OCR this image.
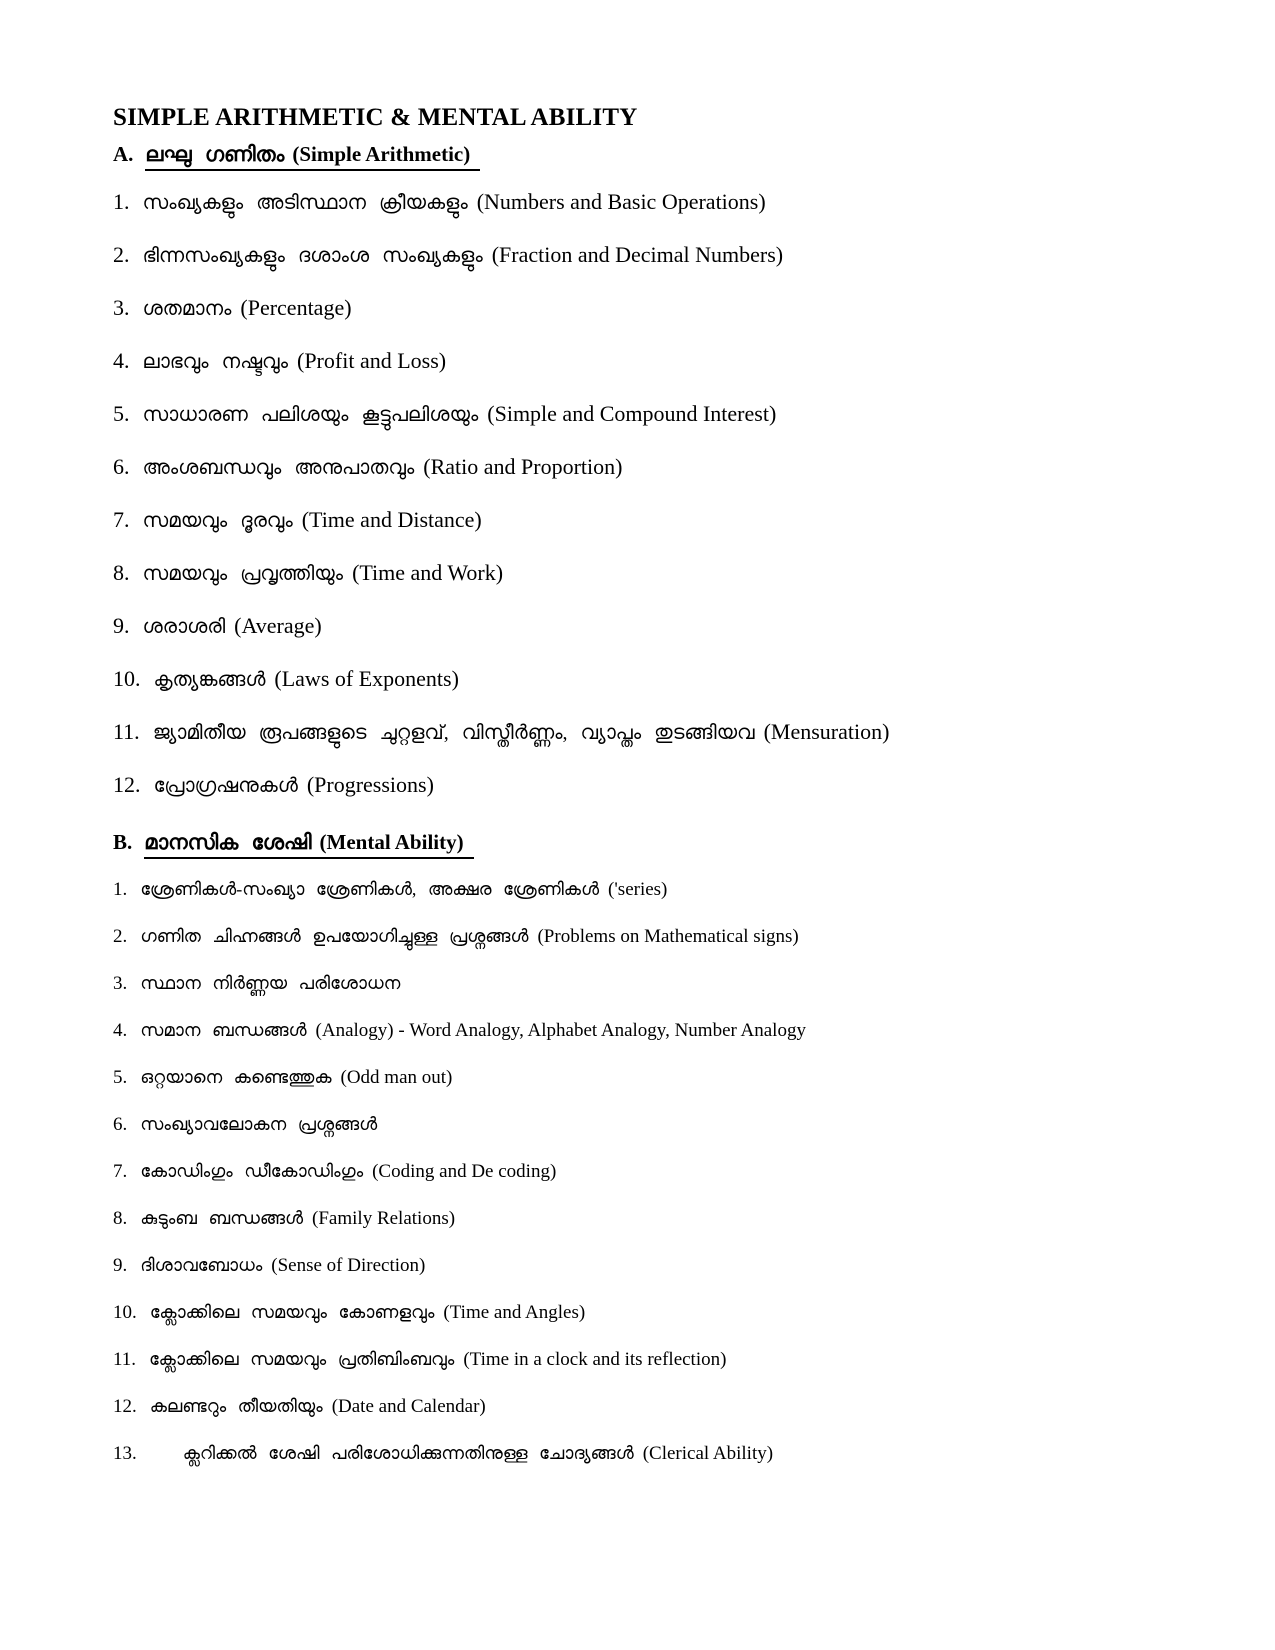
SIMPLE ARITHMETIC & MENTAL ABILITY
A. ലഘു ഗണിതം (Simple Arithmetic)
1. സംഖ്യകളും അടിസ്ഥാന ക്രീയകളും (Numbers and Basic Operations)
2. ഭിന്നസംഖ്യകളും ദശാംശ സംഖ്യകളും (Fraction and Decimal Numbers)
3. ശതമാനം (Percentage)
4. ലാഭവും നഷ്ടവും (Profit and Loss)
5. സാധാരണ പലിശയും കൂട്ടുപലിശയും (Simple and Compound Interest)
6. അംശബന്ധവും അനുപാതവും (Ratio and Proportion)
7. സമയവും ദൂരവും (Time and Distance)
8. സമയവും പ്രവൃത്തിയും (Time and Work)
9. ശരാശരി (Average)
10. കൃത്യങ്കങ്ങൾ (Laws of Exponents)
11. ജ്യാമിതീയ രൂപങ്ങളുടെ ചുറ്റളവ്, വിസ്തീർണ്ണം, വ്യാപ്തം തുടങ്ങിയവ (Mensuration)
12. പ്രോഗ്രഷനുകൾ (Progressions)
B. മാനസിക ശേഷി (Mental Ability)
1. ശ്രേണികൾ-സംഖ്യാ ശ്രേണികൾ, അക്ഷര ശ്രേണികൾ ('series)
2. ഗണിത ചിഹ്നങ്ങൾ ഉപയോഗിച്ചുള്ള പ്രശ്നങ്ങൾ (Problems on Mathematical signs)
3. സ്ഥാന നിർണ്ണയ പരിശോധന
4. സമാന ബന്ധങ്ങൾ (Analogy) - Word Analogy, Alphabet Analogy, Number Analogy
5. ഒറ്റയാനെ കണ്ടെത്തുക (Odd man out)
6. സംഖ്യാവലോകന പ്രശ്നങ്ങൾ
7. കോഡിംഗും ഡീകോഡിംഗും (Coding and De coding)
8. കുടുംബ ബന്ധങ്ങൾ (Family Relations)
9. ദിശാവബോധം (Sense of Direction)
10. ക്ലോക്കിലെ സമയവും കോണളവും (Time and Angles)
11. ക്ലോക്കിലെ സമയവും പ്രതിബിംബവും (Time in a clock and its reflection)
12. കലണ്ടറും തീയതിയും (Date and Calendar)
13.	ക്ലറിക്കൽ ശേഷി പരിശോധിക്കുന്നതിനുള്ള ചോദ്യങ്ങൾ (Clerical Ability)
